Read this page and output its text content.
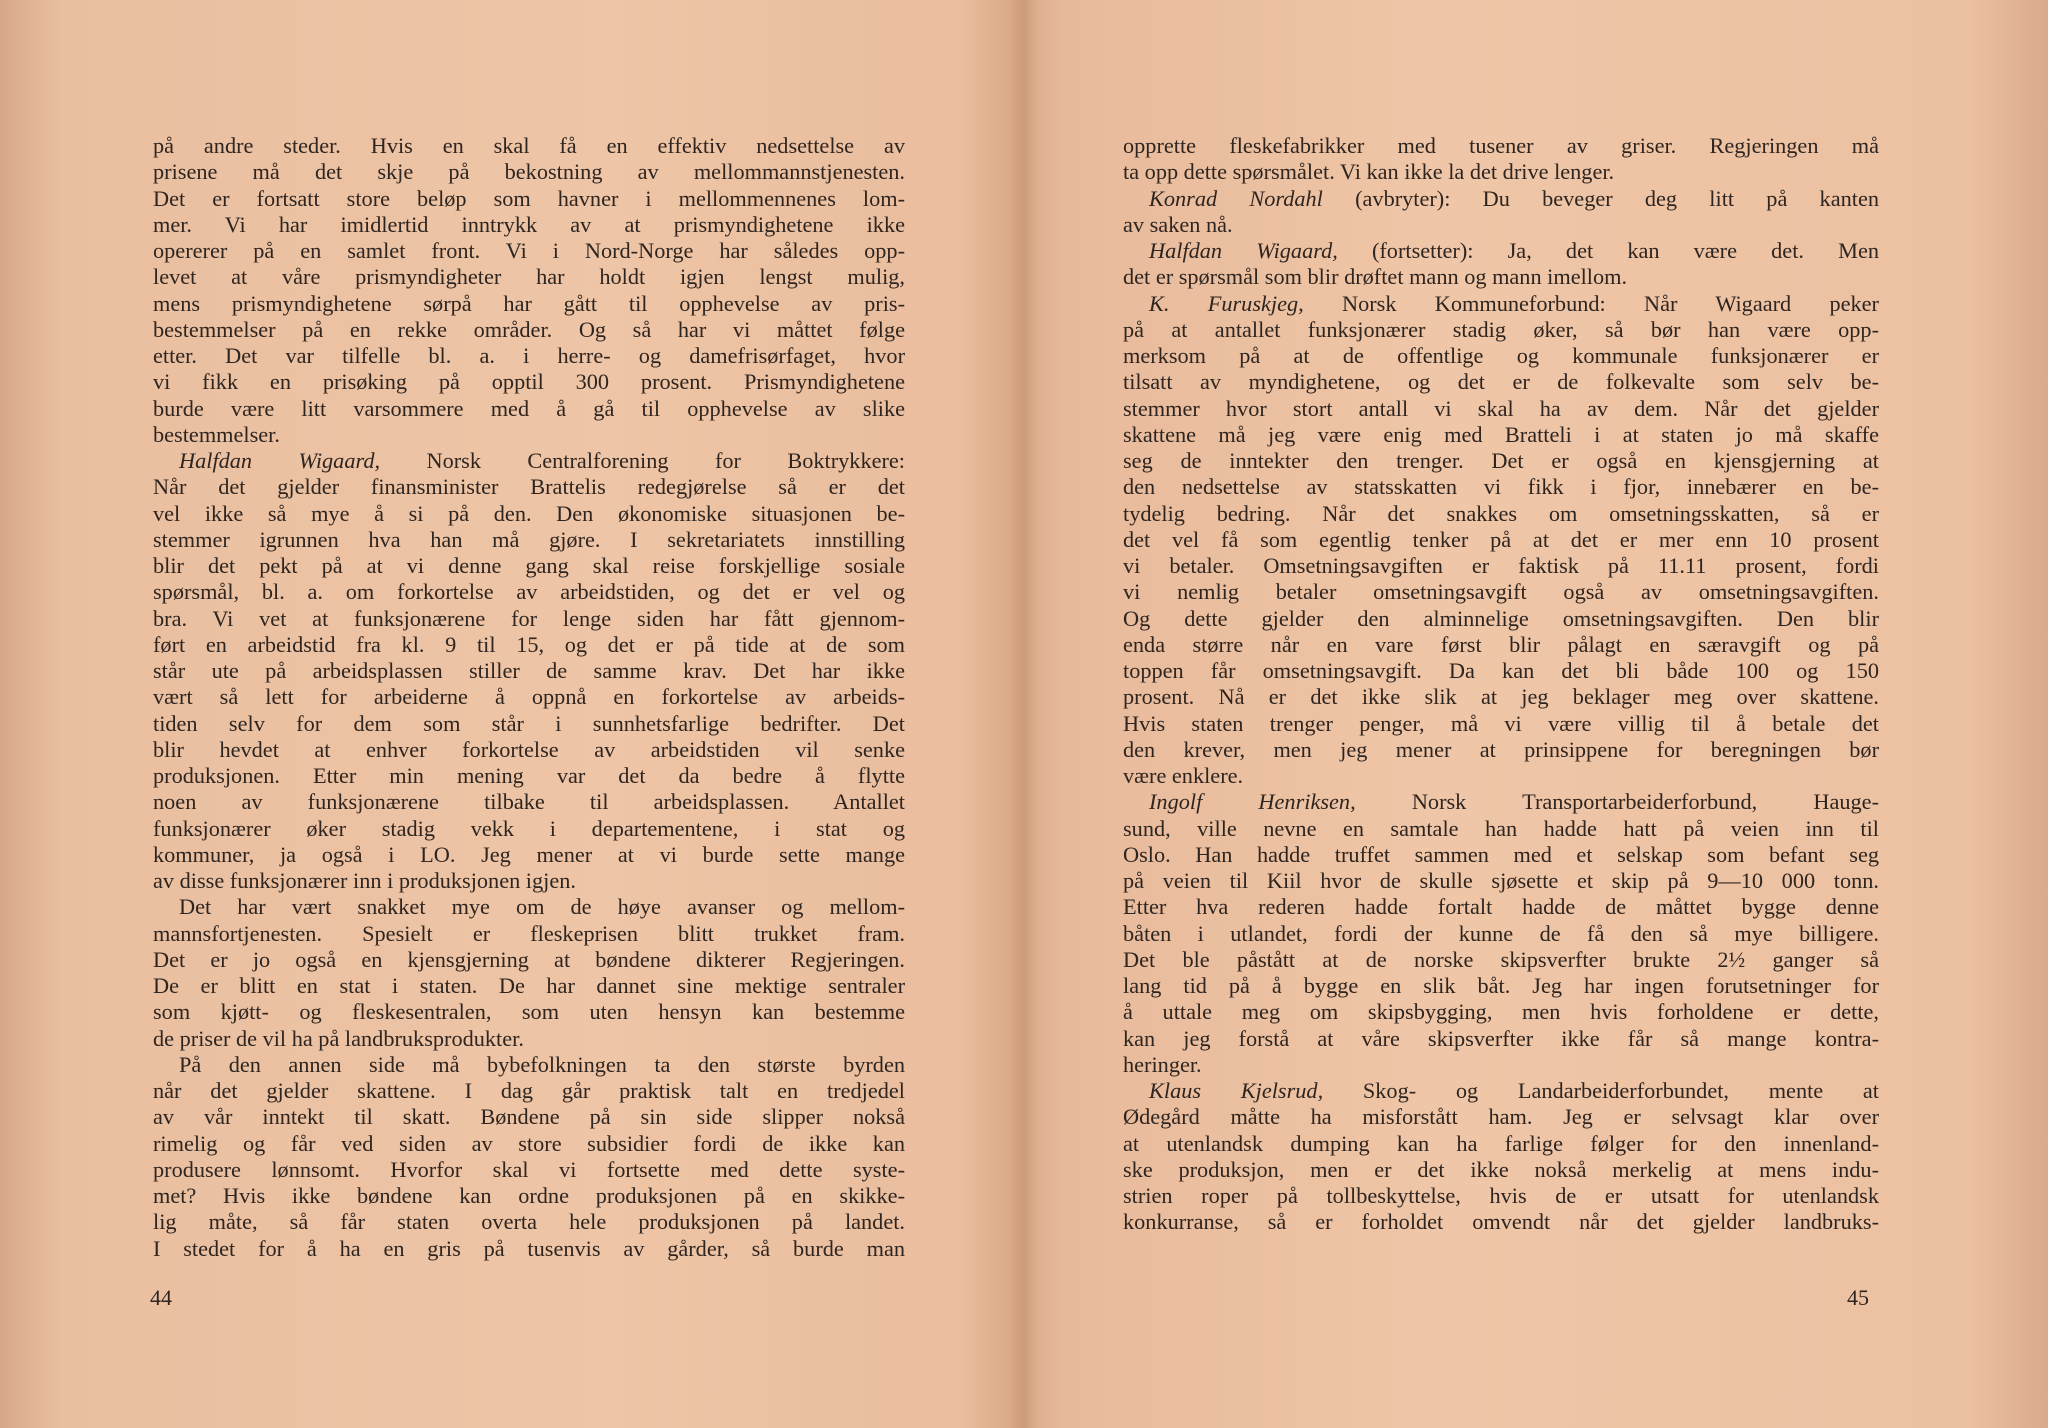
på andre steder. Hvis en skal få en effektiv nedsettelse av
prisene må det skje på bekostning av mellommannstjenesten.
Det er fortsatt store beløp som havner i mellommennenes lom-
mer. Vi har imidlertid inntrykk av at prismyndighetene ikke
opererer på en samlet front. Vi i Nord-Norge har således opp-
levet at våre prismyndigheter har holdt igjen lengst mulig,
mens prismyndighetene sørpå har gått til opphevelse av pris-
bestemmelser på en rekke områder. Og så har vi måttet følge
etter. Det var tilfelle bl. a. i herre- og damefrisørfaget, hvor
vi fikk en prisøking på opptil 300 prosent. Prismyndighetene
burde være litt varsommere med å gå til opphevelse av slike
bestemmelser.
Halfdan Wigaard, Norsk Centralforening for Boktrykkere:
Når det gjelder finansminister Brattelis redegjørelse så er det
vel ikke så mye å si på den. Den økonomiske situasjonen be-
stemmer igrunnen hva han må gjøre. I sekretariatets innstilling
blir det pekt på at vi denne gang skal reise forskjellige sosiale
spørsmål, bl. a. om forkortelse av arbeidstiden, og det er vel og
bra. Vi vet at funksjonærene for lenge siden har fått gjennom-
ført en arbeidstid fra kl. 9 til 15, og det er på tide at de som
står ute på arbeidsplassen stiller de samme krav. Det har ikke
vært så lett for arbeiderne å oppnå en forkortelse av arbeids-
tiden selv for dem som står i sunnhetsfarlige bedrifter. Det
blir hevdet at enhver forkortelse av arbeidstiden vil senke
produksjonen. Etter min mening var det da bedre å flytte
noen av funksjonærene tilbake til arbeidsplassen. Antallet
funksjonærer øker stadig vekk i departementene, i stat og
kommuner, ja også i LO. Jeg mener at vi burde sette mange
av disse funksjonærer inn i produksjonen igjen.
Det har vært snakket mye om de høye avanser og mellom-
mannsfortjenesten. Spesielt er fleskeprisen blitt trukket fram.
Det er jo også en kjensgjerning at bøndene dikterer Regjeringen.
De er blitt en stat i staten. De har dannet sine mektige sentraler
som kjøtt- og fleskesentralen, som uten hensyn kan bestemme
de priser de vil ha på landbruksprodukter.
På den annen side må bybefolkningen ta den største byrden
når det gjelder skattene. I dag går praktisk talt en tredjedel
av vår inntekt til skatt. Bøndene på sin side slipper nokså
rimelig og får ved siden av store subsidier fordi de ikke kan
produsere lønnsomt. Hvorfor skal vi fortsette med dette syste-
met? Hvis ikke bøndene kan ordne produksjonen på en skikke-
lig måte, så får staten overta hele produksjonen på landet.
I stedet for å ha en gris på tusenvis av gårder, så burde man
44
opprette fleskefabrikker med tusener av griser. Regjeringen må
ta opp dette spørsmålet. Vi kan ikke la det drive lenger.
Konrad Nordahl (avbryter): Du beveger deg litt på kanten
av saken nå.
Halfdan Wigaard, (fortsetter): Ja, det kan være det. Men
det er spørsmål som blir drøftet mann og mann imellom.
K. Furuskjeg, Norsk Kommuneforbund: Når Wigaard peker
på at antallet funksjonærer stadig øker, så bør han være opp-
merksom på at de offentlige og kommunale funksjonærer er
tilsatt av myndighetene, og det er de folkevalte som selv be-
stemmer hvor stort antall vi skal ha av dem. Når det gjelder
skattene må jeg være enig med Bratteli i at staten jo må skaffe
seg de inntekter den trenger. Det er også en kjensgjerning at
den nedsettelse av statsskatten vi fikk i fjor, innebærer en be-
tydelig bedring. Når det snakkes om omsetningsskatten, så er
det vel få som egentlig tenker på at det er mer enn 10 prosent
vi betaler. Omsetningsavgiften er faktisk på 11.11 prosent, fordi
vi nemlig betaler omsetningsavgift også av omsetningsavgiften.
Og dette gjelder den alminnelige omsetningsavgiften. Den blir
enda større når en vare først blir pålagt en særavgift og på
toppen får omsetningsavgift. Da kan det bli både 100 og 150
prosent. Nå er det ikke slik at jeg beklager meg over skattene.
Hvis staten trenger penger, må vi være villig til å betale det
den krever, men jeg mener at prinsippene for beregningen bør
være enklere.
Ingolf Henriksen, Norsk Transportarbeiderforbund, Hauge-
sund, ville nevne en samtale han hadde hatt på veien inn til
Oslo. Han hadde truffet sammen med et selskap som befant seg
på veien til Kiil hvor de skulle sjøsette et skip på 9—10 000 tonn.
Etter hva rederen hadde fortalt hadde de måttet bygge denne
båten i utlandet, fordi der kunne de få den så mye billigere.
Det ble påstått at de norske skipsverfter brukte 2½ ganger så
lang tid på å bygge en slik båt. Jeg har ingen forutsetninger for
å uttale meg om skipsbygging, men hvis forholdene er dette,
kan jeg forstå at våre skipsverfter ikke får så mange kontra-
heringer.
Klaus Kjelsrud, Skog- og Landarbeiderforbundet, mente at
Ødegård måtte ha misforstått ham. Jeg er selvsagt klar over
at utenlandsk dumping kan ha farlige følger for den innenland-
ske produksjon, men er det ikke nokså merkelig at mens indu-
strien roper på tollbeskyttelse, hvis de er utsatt for utenlandsk
konkurranse, så er forholdet omvendt når det gjelder landbruks-
45
